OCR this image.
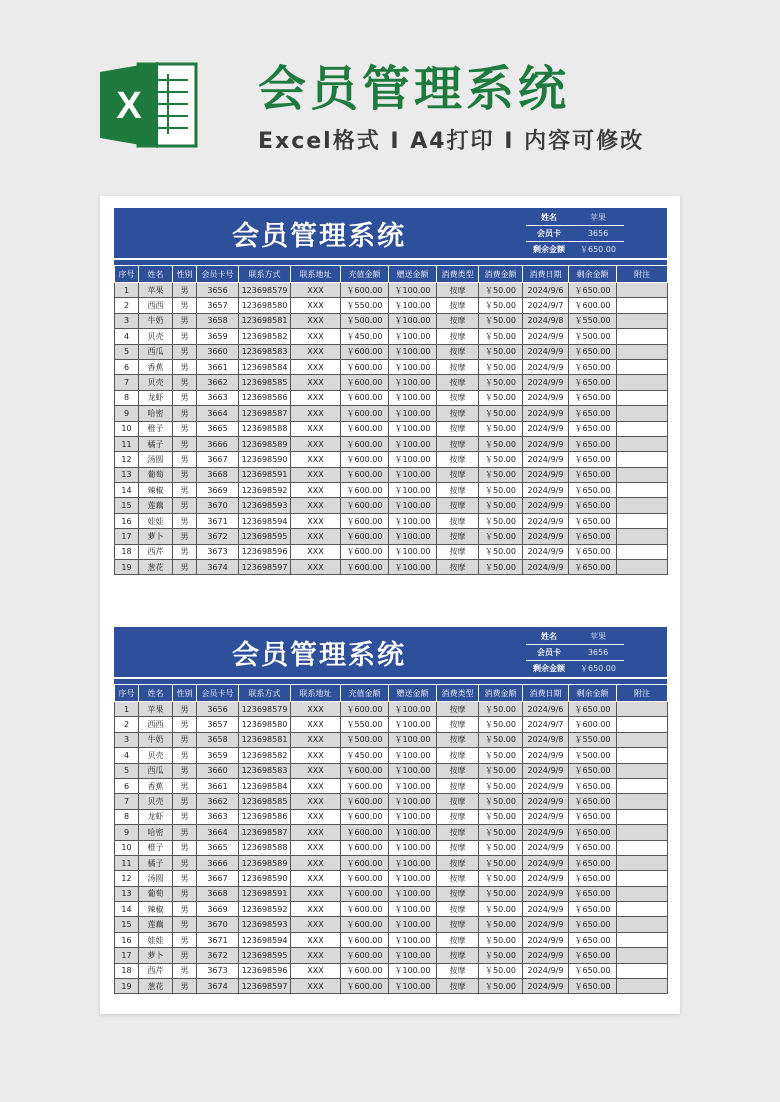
X 会员管理系统
Excel格式 I A4打印 I 内容可修改
会员管理系统
姓名	苹果
会员卡	3656
剩余金额	￥650.00
序号	姓名	性别	会员卡号	联系方式	联系地址	充值金额	赠送金额	消费类型	消费金额	消费日期	剩余金额	附注
1	苹果	男	3656	123698579	XXX	￥600.00	￥100.00	按摩	￥50.00	2024/9/6	￥650.00	
2	西西	男	3657	123698580	XXX	￥550.00	￥100.00	按摩	￥50.00	2024/9/7	￥600.00	
3	牛奶	男	3658	123698581	XXX	￥500.00	￥100.00	按摩	￥50.00	2024/9/8	￥550.00	
4	贝壳	男	3659	123698582	XXX	￥450.00	￥100.00	按摩	￥50.00	2024/9/9	￥500.00	
5	西瓜	男	3660	123698583	XXX	￥600.00	￥100.00	按摩	￥50.00	2024/9/9	￥650.00	
6	香蕉	男	3661	123698584	XXX	￥600.00	￥100.00	按摩	￥50.00	2024/9/9	￥650.00	
7	贝壳	男	3662	123698585	XXX	￥600.00	￥100.00	按摩	￥50.00	2024/9/9	￥650.00	
8	龙虾	男	3663	123698586	XXX	￥600.00	￥100.00	按摩	￥50.00	2024/9/9	￥650.00	
9	哈密	男	3664	123698587	XXX	￥600.00	￥100.00	按摩	￥50.00	2024/9/9	￥650.00	
10	橙子	男	3665	123698588	XXX	￥600.00	￥100.00	按摩	￥50.00	2024/9/9	￥650.00	
11	橘子	男	3666	123698589	XXX	￥600.00	￥100.00	按摩	￥50.00	2024/9/9	￥650.00	
12	汤圆	男	3667	123698590	XXX	￥600.00	￥100.00	按摩	￥50.00	2024/9/9	￥650.00	
13	葡萄	男	3668	123698591	XXX	￥600.00	￥100.00	按摩	￥50.00	2024/9/9	￥650.00	
14	辣椒	男	3669	123698592	XXX	￥600.00	￥100.00	按摩	￥50.00	2024/9/9	￥650.00	
15	莲藕	男	3670	123698593	XXX	￥600.00	￥100.00	按摩	￥50.00	2024/9/9	￥650.00	
16	娃娃	男	3671	123698594	XXX	￥600.00	￥100.00	按摩	￥50.00	2024/9/9	￥650.00	
17	萝卜	男	3672	123698595	XXX	￥600.00	￥100.00	按摩	￥50.00	2024/9/9	￥650.00	
18	西芹	男	3673	123698596	XXX	￥600.00	￥100.00	按摩	￥50.00	2024/9/9	￥650.00	
19	葱花	男	3674	123698597	XXX	￥600.00	￥100.00	按摩	￥50.00	2024/9/9	￥650.00	
会员管理系统
姓名	苹果
会员卡	3656
剩余金额	￥650.00
序号	姓名	性别	会员卡号	联系方式	联系地址	充值金额	赠送金额	消费类型	消费金额	消费日期	剩余金额	附注
1	苹果	男	3656	123698579	XXX	￥600.00	￥100.00	按摩	￥50.00	2024/9/6	￥650.00	
2	西西	男	3657	123698580	XXX	￥550.00	￥100.00	按摩	￥50.00	2024/9/7	￥600.00	
3	牛奶	男	3658	123698581	XXX	￥500.00	￥100.00	按摩	￥50.00	2024/9/8	￥550.00	
4	贝壳	男	3659	123698582	XXX	￥450.00	￥100.00	按摩	￥50.00	2024/9/9	￥500.00	
5	西瓜	男	3660	123698583	XXX	￥600.00	￥100.00	按摩	￥50.00	2024/9/9	￥650.00	
6	香蕉	男	3661	123698584	XXX	￥600.00	￥100.00	按摩	￥50.00	2024/9/9	￥650.00	
7	贝壳	男	3662	123698585	XXX	￥600.00	￥100.00	按摩	￥50.00	2024/9/9	￥650.00	
8	龙虾	男	3663	123698586	XXX	￥600.00	￥100.00	按摩	￥50.00	2024/9/9	￥650.00	
9	哈密	男	3664	123698587	XXX	￥600.00	￥100.00	按摩	￥50.00	2024/9/9	￥650.00	
10	橙子	男	3665	123698588	XXX	￥600.00	￥100.00	按摩	￥50.00	2024/9/9	￥650.00	
11	橘子	男	3666	123698589	XXX	￥600.00	￥100.00	按摩	￥50.00	2024/9/9	￥650.00	
12	汤圆	男	3667	123698590	XXX	￥600.00	￥100.00	按摩	￥50.00	2024/9/9	￥650.00	
13	葡萄	男	3668	123698591	XXX	￥600.00	￥100.00	按摩	￥50.00	2024/9/9	￥650.00	
14	辣椒	男	3669	123698592	XXX	￥600.00	￥100.00	按摩	￥50.00	2024/9/9	￥650.00	
15	莲藕	男	3670	123698593	XXX	￥600.00	￥100.00	按摩	￥50.00	2024/9/9	￥650.00	
16	娃娃	男	3671	123698594	XXX	￥600.00	￥100.00	按摩	￥50.00	2024/9/9	￥650.00	
17	萝卜	男	3672	123698595	XXX	￥600.00	￥100.00	按摩	￥50.00	2024/9/9	￥650.00	
18	西芹	男	3673	123698596	XXX	￥600.00	￥100.00	按摩	￥50.00	2024/9/9	￥650.00	
19	葱花	男	3674	123698597	XXX	￥600.00	￥100.00	按摩	￥50.00	2024/9/9	￥650.00	
